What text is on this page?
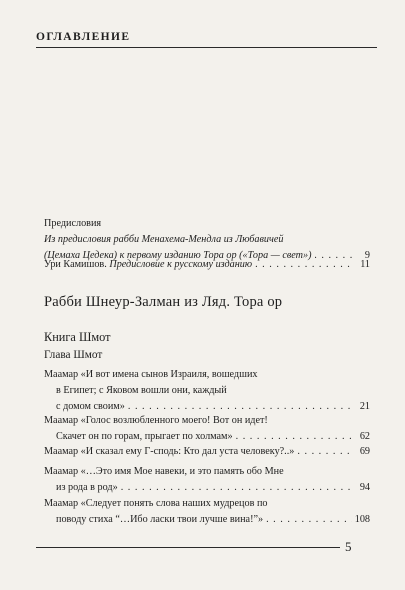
ОГЛАВЛЕНИЕ
Предисловия
Из предисловия рабби Менахема-Мендла из Любавичей
(Цемаха Цедека) к первому изданию Тора ор («Тора — свет») . . .	9
Ури Камишов. Предисловие к русскому изданию . . .	11
Рабби Шнеур-Залман из Ляд. Тора ор
Книга Шмот
Глава Шмот
Маамар «И вот имена сынов Израиля, вошедших
в Египет; с Яковом вошли они, каждый
с домом своим» . . .	21
Маамар «Голос возлюбленного моего! Вот он идет!
Скачет он по горам, прыгает по холмам» . . .	62
Маамар «И сказал ему Г-сподь: Кто дал уста человеку?..» . . .	69
Маамар «…Это имя Мое навеки, и это память обо Мне
из рода в род» . . .	94
Маамар «Следует понять слова наших мудрецов по
поводу стиха “…Ибо ласки твои лучше вина!”» . . .	108
5
